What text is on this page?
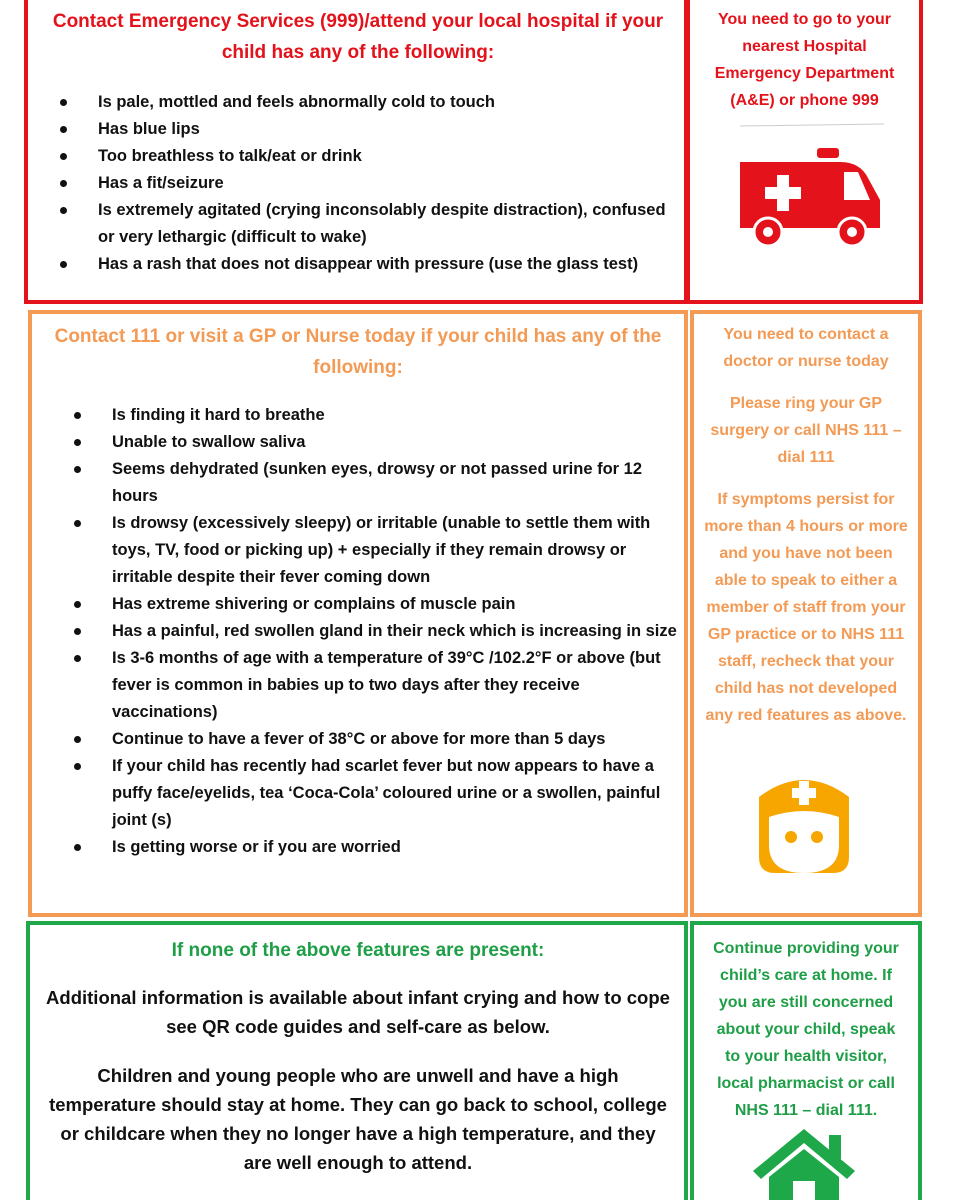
Contact Emergency Services (999)/attend your local hospital if your child has any of the following:
Is pale, mottled and feels abnormally cold to touch
Has blue lips
Too breathless to talk/eat or drink
Has a fit/seizure
Is extremely agitated (crying inconsolably despite distraction), confused or very lethargic (difficult to wake)
Has a rash that does not disappear with pressure (use the glass test)
You need to go to your nearest Hospital Emergency Department (A&E) or phone 999
Contact 111 or visit a GP or Nurse today if your child has any of the following:
Is finding it hard to breathe
Unable to swallow saliva
Seems dehydrated (sunken eyes, drowsy or not passed urine for 12 hours
Is drowsy (excessively sleepy) or irritable (unable to settle them with toys, TV, food or picking up) + especially if they remain drowsy or irritable despite their fever coming down
Has extreme shivering or complains of muscle pain
Has a painful, red swollen gland in their neck which is increasing in size
Is 3-6 months of age with a temperature of 39°C /102.2°F or above (but fever is common in babies up to two days after they receive vaccinations)
Continue to have a fever of 38°C or above for more than 5 days
If your child has recently had scarlet fever but now appears to have a puffy face/eyelids, tea ‘Coca-Cola’ coloured urine or a swollen, painful joint (s)
Is getting worse or if you are worried
You need to contact a doctor or nurse today
Please ring your GP surgery or call NHS 111 – dial 111
If symptoms persist for more than 4 hours or more and you have not been able to speak to either a member of staff from your GP practice or to NHS 111 staff, recheck that your child has not developed any red features as above.
If none of the above features are present:
Additional information is available about infant crying and how to cope see QR code guides and self-care as below.
Children and young people who are unwell and have a high temperature should stay at home. They can go back to school, college or childcare when they no longer have a high temperature, and they are well enough to attend.
Continue providing your child’s care at home. If you are still concerned about your child, speak to your health visitor, local pharmacist or call NHS 111 – dial 111.
